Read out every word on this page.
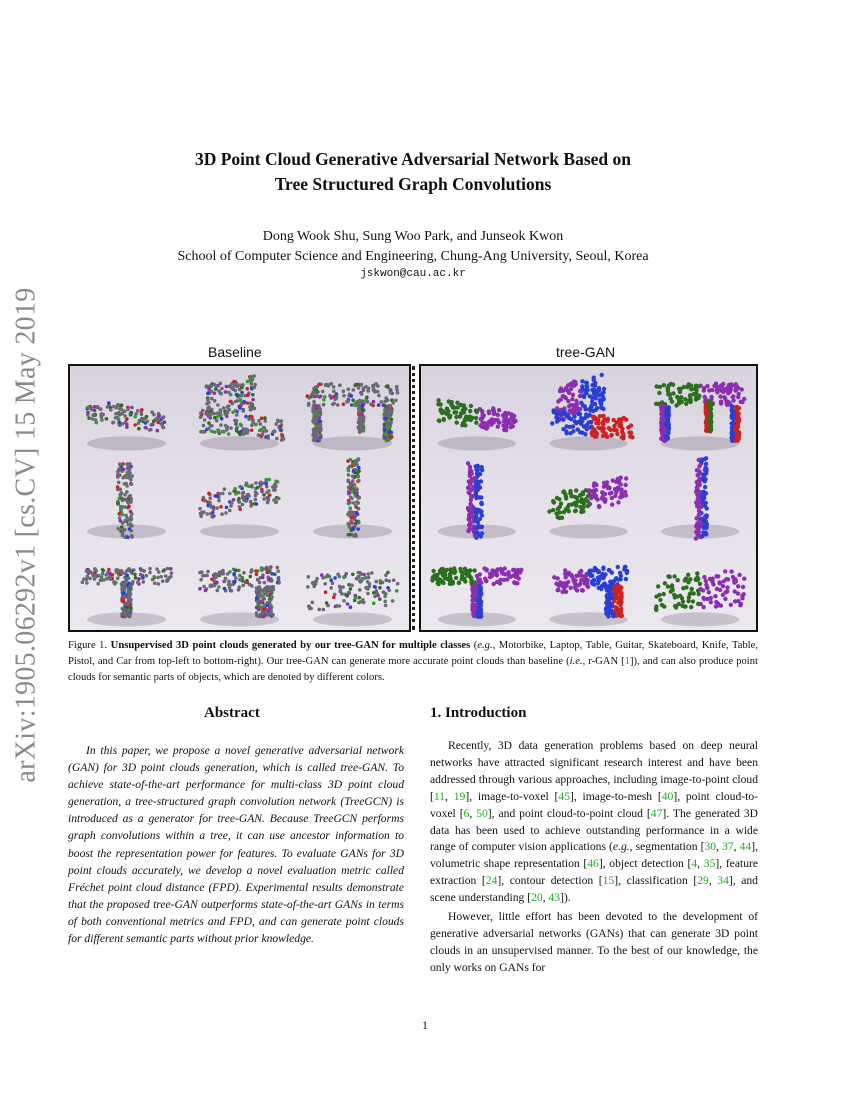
arXiv:1905.06292v1 [cs.CV] 15 May 2019
3D Point Cloud Generative Adversarial Network Based on
Tree Structured Graph Convolutions
Dong Wook Shu, Sung Woo Park, and Junseok Kwon
School of Computer Science and Engineering, Chung-Ang University, Seoul, Korea
jskwon@cau.ac.kr
Baseline	tree-GAN
Figure 1. Unsupervised 3D point clouds generated by our tree-GAN for multiple classes (e.g., Motorbike, Laptop, Table, Guitar, Skateboard, Knife, Table, Pistol, and Car from top-left to bottom-right). Our tree-GAN can generate more accurate point clouds than baseline (i.e., r-GAN [1]), and can also produce point clouds for semantic parts of objects, which are denoted by different colors.
Abstract

In this paper, we propose a novel generative adversarial network (GAN) for 3D point clouds generation, which is called tree-GAN. To achieve state-of-the-art performance for multi-class 3D point cloud generation, a tree-structured graph convolution network (TreeGCN) is introduced as a generator for tree-GAN. Because TreeGCN performs graph convolutions within a tree, it can use ancestor information to boost the representation power for features. To evaluate GANs for 3D point clouds accurately, we develop a novel evaluation metric called Fréchet point cloud distance (FPD). Experimental results demonstrate that the proposed tree-GAN outperforms state-of-the-art GANs in terms of both conventional metrics and FPD, and can generate point clouds for different semantic parts without prior knowledge.

1. Introduction

Recently, 3D data generation problems based on deep neural networks have attracted significant research interest and have been addressed through various approaches, including image-to-point cloud [11, 19], image-to-voxel [45], image-to-mesh [40], point cloud-to-voxel [6, 50], and point cloud-to-point cloud [47]. The generated 3D data has been used to achieve outstanding performance in a wide range of computer vision applications (e.g., segmentation [30, 37, 44], volumetric shape representation [46], object detection [4, 35], feature extraction [24], contour detection [15], classification [29, 34], and scene understanding [20, 43]).

However, little effort has been devoted to the development of generative adversarial networks (GANs) that can generate 3D point clouds in an unsupervised manner. To the best of our knowledge, the only works on GANs for

1
